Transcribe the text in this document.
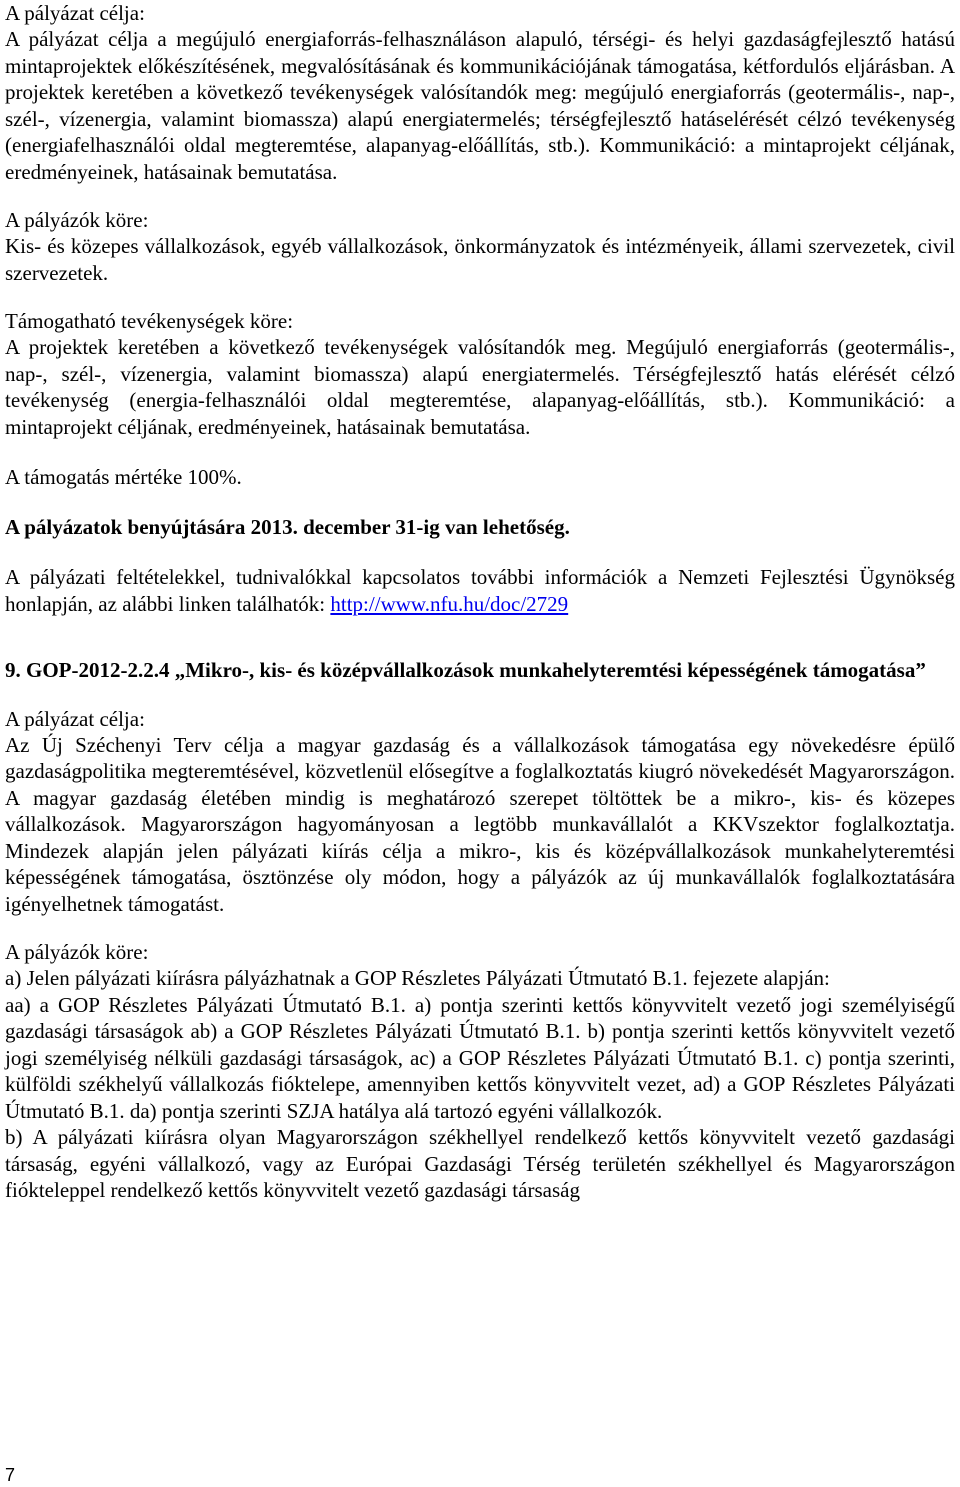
A pályázat célja:

A pályázat célja a megújuló energiaforrás-felhasználáson alapuló, térségi- és helyi gazdaságfejlesztő hatású mintaprojektek előkészítésének, megvalósításának és kommunikációjának támogatása, kétfordulós eljárásban. A projektek keretében a következő tevékenységek valósítandók meg: megújuló energiaforrás (geotermális-, nap-, szél-, vízenergia, valamint biomassza) alapú energiatermelés; térségfejlesztő hatáselérését célzó tevékenység (energiafelhasználói oldal megteremtése, alapanyag-előállítás, stb.). Kommunikáció: a mintaprojekt céljának, eredményeinek, hatásainak bemutatása.

A pályázók köre:

Kis- és közepes vállalkozások, egyéb vállalkozások, önkormányzatok és intézményeik, állami szervezetek, civil szervezetek.

Támogatható tevékenységek köre:

A projektek keretében a következő tevékenységek valósítandók meg. Megújuló energiaforrás (geotermális-, nap-, szél-, vízenergia, valamint biomassza) alapú energiatermelés. Térségfejlesztő hatás elérését célzó tevékenység (energia-felhasználói oldal megteremtése, alapanyag-előállítás, stb.). Kommunikáció: a mintaprojekt céljának, eredményeinek, hatásainak bemutatása.

A támogatás mértéke 100%.

A pályázatok benyújtására 2013. december 31-ig van lehetőség.

A pályázati feltételekkel, tudnivalókkal kapcsolatos további információk a Nemzeti Fejlesztési Ügynökség honlapján, az alábbi linken találhatók: http://www.nfu.hu/doc/2729

9. GOP-2012-2.2.4 „Mikro-, kis- és középvállalkozások munkahelyteremtési képességének támogatása”

A pályázat célja:

Az Új Széchenyi Terv célja a magyar gazdaság és a vállalkozások támogatása egy növekedésre épülő gazdaságpolitika megteremtésével, közvetlenül elősegítve a foglalkoztatás kiugró növekedését Magyarországon. A magyar gazdaság életében mindig is meghatározó szerepet töltöttek be a mikro-, kis- és közepes vállalkozások. Magyarországon hagyományosan a legtöbb munkavállalót a KKVszektor foglalkoztatja. Mindezek alapján jelen pályázati kiírás célja a mikro-, kis és középvállalkozások munkahelyteremtési képességének támogatása, ösztönzése oly módon, hogy a pályázók az új munkavállalók foglalkoztatására igényelhetnek támogatást.

A pályázók köre:

a) Jelen pályázati kiírásra pályázhatnak a GOP Részletes Pályázati Útmutató B.1. fejezete alapján:

aa) a GOP Részletes Pályázati Útmutató B.1. a) pontja szerinti kettős könyvvitelt vezető jogi személyiségű gazdasági társaságok ab) a GOP Részletes Pályázati Útmutató B.1. b) pontja szerinti kettős könyvvitelt vezető jogi személyiség nélküli gazdasági társaságok, ac) a GOP Részletes Pályázati Útmutató B.1. c) pontja szerinti, külföldi székhelyű vállalkozás fióktelepe, amennyiben kettős könyvvitelt vezet, ad) a GOP Részletes Pályázati Útmutató B.1. da) pontja szerinti SZJA hatálya alá tartozó egyéni vállalkozók.

b) A pályázati kiírásra olyan Magyarországon székhellyel rendelkező kettős könyvvitelt vezető gazdasági társaság, egyéni vállalkozó, vagy az Európai Gazdasági Térség területén székhellyel és Magyarországon fiókteleppel rendelkező kettős könyvvitelt vezető gazdasági társaság

7
